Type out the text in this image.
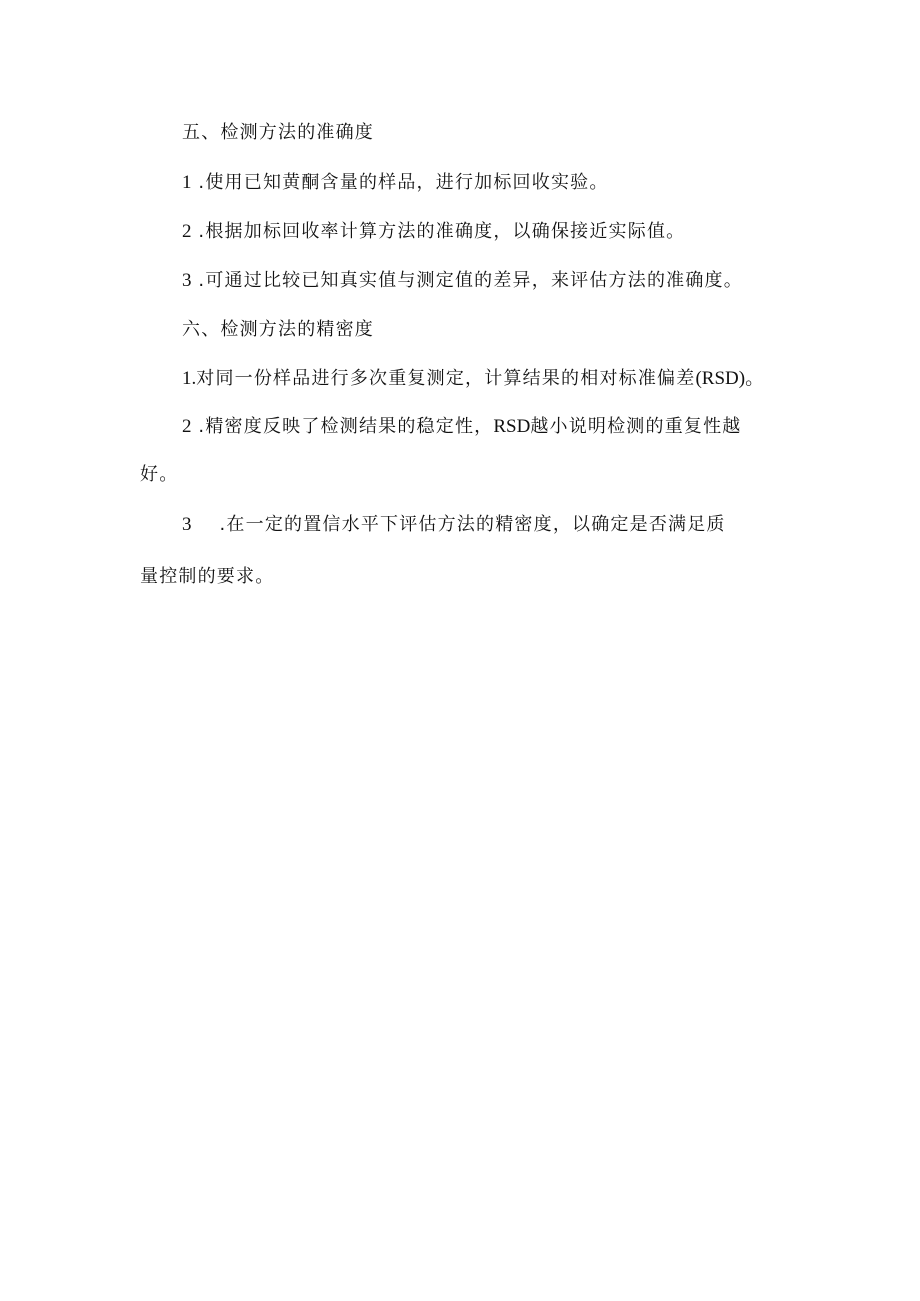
五、检测方法的准确度
1 .使用已知黄酮含量的样品，进行加标回收实验。
2 .根据加标回收率计算方法的准确度，以确保接近实际值。
3 .可通过比较已知真实值与测定值的差异，来评估方法的准确度。
六、检测方法的精密度
1.对同一份样品进行多次重复测定，计算结果的相对标准偏差(RSD)。
2 .精密度反映了检测结果的稳定性，RSD越小说明检测的重复性越
好。
3 .在一定的置信水平下评估方法的精密度，以确定是否满足质
量控制的要求。
